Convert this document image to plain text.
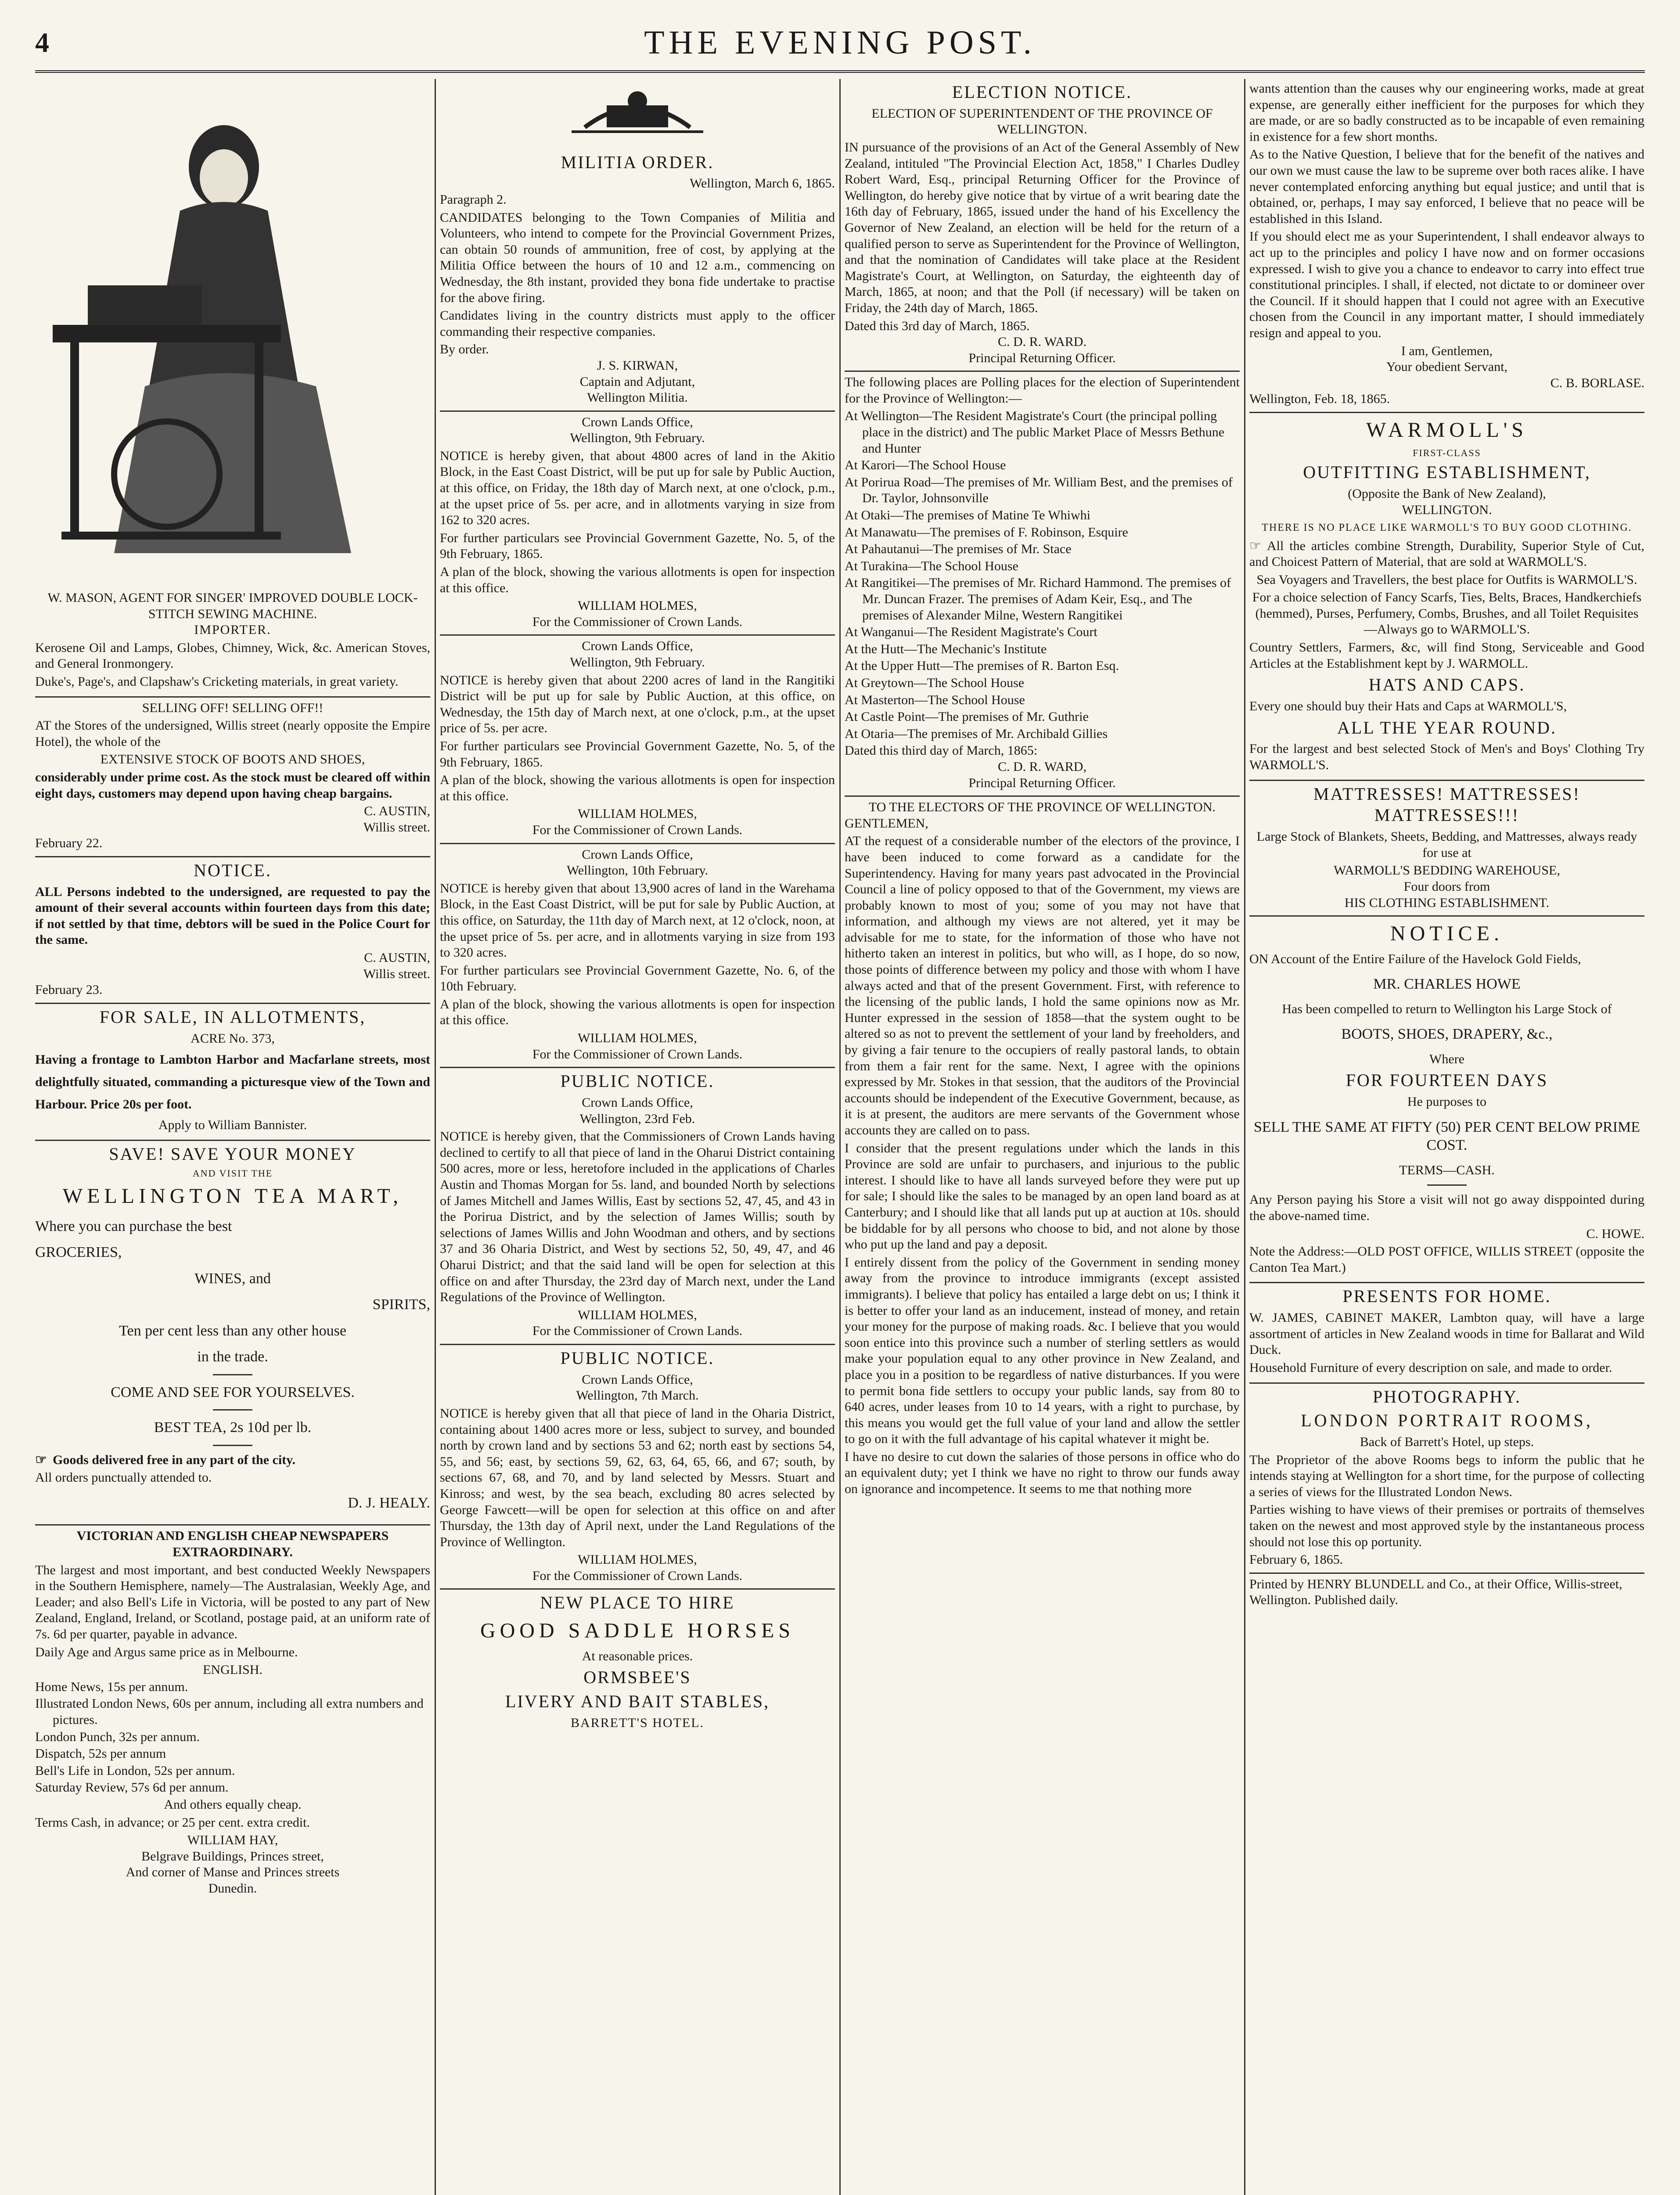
4	THE EVENING POST.
W. MASON, AGENT FOR SINGER' IMPROVED DOUBLE LOCK-STITCH SEWING MACHINE.
IMPORTER.

Kerosene Oil and Lamps, Globes, Chimney, Wick, &c. American Stoves, and General Ironmongery.

Duke's, Page's, and Clapshaw's Cricketing materials, in great variety.

SELLING OFF! SELLING OFF!!

AT the Stores of the undersigned, Willis street (nearly opposite the Empire Hotel), the whole of the

EXTENSIVE STOCK OF BOOTS AND SHOES,

considerably under prime cost. As the stock must be cleared off within eight days, customers may depend upon having cheap bargains.

C. AUSTIN,
Willis street.
February 22.
NOTICE.

ALL Persons indebted to the undersigned, are requested to pay the amount of their several accounts within fourteen days from this date; if not settled by that time, debtors will be sued in the Police Court for the same.

C. AUSTIN,
Willis street.
February 23.
FOR SALE, IN ALLOTMENTS,
ACRE No. 373,

Having a frontage to Lambton Harbor and Macfarlane streets, most delightfully situated, commanding a picturesque view of the Town and Harbour. Price 20s per foot.

Apply to William Bannister.

SAVE! SAVE YOUR MONEY
AND VISIT THE
WELLINGTON TEA MART,
Where you can purchase the best
GROCERIES,
WINES, and
SPIRITS,
Ten per cent less than any other house
in the trade.
COME AND SEE FOR YOURSELVES.
BEST TEA, 2s 10d per lb.

☞ Goods delivered free in any part of the city.

All orders punctually attended to.

D. J. HEALY.
VICTORIAN AND ENGLISH CHEAP NEWSPAPERS EXTRAORDINARY.

The largest and most important, and best conducted Weekly Newspapers in the Southern Hemisphere, namely—The Australasian, Weekly Age, and Leader; and also Bell's Life in Victoria, will be posted to any part of New Zealand, England, Ireland, or Scotland, postage paid, at an uniform rate of 7s. 6d per quarter, payable in advance.

Daily Age and Argus same price as in Melbourne.

ENGLISH.
Home News, 15s per annum.
Illustrated London News, 60s per annum, including all extra numbers and pictures.
London Punch, 32s per annum.
Dispatch, 52s per annum
Bell's Life in London, 52s per annum.
Saturday Review, 57s 6d per annum.
And others equally cheap.

Terms Cash, in advance; or 25 per cent. extra credit.

WILLIAM HAY,
Belgrave Buildings, Princes street,
And corner of Manse and Princes streets
Dunedin.
MILITIA ORDER.
Wellington, March 6, 1865.
Paragraph 2.

CANDIDATES belonging to the Town Companies of Militia and Volunteers, who intend to compete for the Provincial Government Prizes, can obtain 50 rounds of ammunition, free of cost, by applying at the Militia Office between the hours of 10 and 12 a.m., commencing on Wednesday, the 8th instant, provided they bona fide undertake to practise for the above firing.

Candidates living in the country districts must apply to the officer commanding their respective companies.

By order.
J. S. KIRWAN,
Captain and Adjutant,
Wellington Militia.
Crown Lands Office,
Wellington, 9th February.

NOTICE is hereby given, that about 4800 acres of land in the Akitio Block, in the East Coast District, will be put up for sale by Public Auction, at this office, on Friday, the 18th day of March next, at one o'clock, p.m., at the upset price of 5s. per acre, and in allotments varying in size from 162 to 320 acres.

For further particulars see Provincial Government Gazette, No. 5, of the 9th February, 1865.

A plan of the block, showing the various allotments is open for inspection at this office.

WILLIAM HOLMES,
For the Commissioner of Crown Lands.
Crown Lands Office,
Wellington, 9th February.

NOTICE is hereby given that about 2200 acres of land in the Rangitiki District will be put up for sale by Public Auction, at this office, on Wednesday, the 15th day of March next, at one o'clock, p.m., at the upset price of 5s. per acre.

For further particulars see Provincial Government Gazette, No. 5, of the 9th February, 1865.

A plan of the block, showing the various allotments is open for inspection at this office.

WILLIAM HOLMES,
For the Commissioner of Crown Lands.
Crown Lands Office,
Wellington, 10th February.

NOTICE is hereby given that about 13,900 acres of land in the Warehama Block, in the East Coast District, will be put for sale by Public Auction, at this office, on Saturday, the 11th day of March next, at 12 o'clock, noon, at the upset price of 5s. per acre, and in allotments varying in size from 193 to 320 acres.

For further particulars see Provincial Government Gazette, No. 6, of the 10th February.

A plan of the block, showing the various allotments is open for inspection at this office.

WILLIAM HOLMES,
For the Commissioner of Crown Lands.
PUBLIC NOTICE.
Crown Lands Office,
Wellington, 23rd Feb.

NOTICE is hereby given, that the Commissioners of Crown Lands having declined to certify to all that piece of land in the Oharui District containing 500 acres, more or less, heretofore included in the applications of Charles Austin and Thomas Morgan for 5s. land, and bounded North by selections of James Mitchell and James Willis, East by sections 52, 47, 45, and 43 in the Porirua District, and by the selection of James Willis; south by selections of James Willis and John Woodman and others, and by sections 37 and 36 Oharia District, and West by sections 52, 50, 49, 47, and 46 Oharui District; and that the said land will be open for selection at this office on and after Thursday, the 23rd day of March next, under the Land Regulations of the Province of Wellington.

WILLIAM HOLMES,
For the Commissioner of Crown Lands.
PUBLIC NOTICE.
Crown Lands Office,
Wellington, 7th March.

NOTICE is hereby given that all that piece of land in the Oharia District, containing about 1400 acres more or less, subject to survey, and bounded north by crown land and by sections 53 and 62; north east by sections 54, 55, and 56; east, by sections 59, 62, 63, 64, 65, 66, and 67; south, by sections 67, 68, and 70, and by land selected by Messrs. Stuart and Kinross; and west, by the sea beach, excluding 80 acres selected by George Fawcett—will be open for selection at this office on and after Thursday, the 13th day of April next, under the Land Regulations of the Province of Wellington.

WILLIAM HOLMES,
For the Commissioner of Crown Lands.
NEW PLACE TO HIRE
GOOD SADDLE HORSES
At reasonable prices.
ORMSBEE'S
LIVERY AND BAIT STABLES,
BARRETT'S HOTEL.
ELECTION NOTICE.
ELECTION OF SUPERINTENDENT OF THE PROVINCE OF WELLINGTON.

IN pursuance of the provisions of an Act of the General Assembly of New Zealand, intituled "The Provincial Election Act, 1858," I Charles Dudley Robert Ward, Esq., principal Returning Officer for the Province of Wellington, do hereby give notice that by virtue of a writ bearing date the 16th day of February, 1865, issued under the hand of his Excellency the Governor of New Zealand, an election will be held for the return of a qualified person to serve as Superintendent for the Province of Wellington, and that the nomination of Candidates will take place at the Resident Magistrate's Court, at Wellington, on Saturday, the eighteenth day of March, 1865, at noon; and that the Poll (if necessary) will be taken on Friday, the 24th day of March, 1865.

Dated this 3rd day of March, 1865.
C. D. R. WARD.
Principal Returning Officer.

The following places are Polling places for the election of Superintendent for the Province of Wellington:—

At Wellington—The Resident Magistrate's Court (the principal polling place in the district) and The public Market Place of Messrs Bethune and Hunter
At Karori—The School House
At Porirua Road—The premises of Mr. William Best, and the premises of Dr. Taylor, Johnsonville
At Otaki—The premises of Matine Te Whiwhi
At Manawatu—The premises of F. Robinson, Esquire
At Pahautanui—The premises of Mr. Stace
At Turakina—The School House
At Rangitikei—The premises of Mr. Richard Hammond. The premises of Mr. Duncan Frazer. The premises of Adam Keir, Esq., and The premises of Alexander Milne, Western Rangitikei
At Wanganui—The Resident Magistrate's Court
At the Hutt—The Mechanic's Institute
At the Upper Hutt—The premises of R. Barton Esq.
At Greytown—The School House
At Masterton—The School House
At Castle Point—The premises of Mr. Guthrie
At Otaria—The premises of Mr. Archibald Gillies
Dated this third day of March, 1865:
C. D. R. WARD,
Principal Returning Officer.
TO THE ELECTORS OF THE PROVINCE OF WELLINGTON.
GENTLEMEN,

AT the request of a considerable number of the electors of the province, I have been induced to come forward as a candidate for the Superintendency. Having for many years past advocated in the Provincial Council a line of policy opposed to that of the Government, my views are probably known to most of you; some of you may not have that information, and although my views are not altered, yet it may be advisable for me to state, for the information of those who have not hitherto taken an interest in politics, but who will, as I hope, do so now, those points of difference between my policy and those with whom I have always acted and that of the present Government. First, with reference to the licensing of the public lands, I hold the same opinions now as Mr. Hunter expressed in the session of 1858—that the system ought to be altered so as not to prevent the settlement of your land by freeholders, and by giving a fair tenure to the occupiers of really pastoral lands, to obtain from them a fair rent for the same. Next, I agree with the opinions expressed by Mr. Stokes in that session, that the auditors of the Provincial accounts should be independent of the Executive Government, because, as it is at present, the auditors are mere servants of the Government whose accounts they are called on to pass.

I consider that the present regulations under which the lands in this Province are sold are unfair to purchasers, and injurious to the public interest. I should like to have all lands surveyed before they were put up for sale; I should like the sales to be managed by an open land board as at Canterbury; and I should like that all lands put up at auction at 10s. should be biddable for by all persons who choose to bid, and not alone by those who put up the land and pay a deposit.

I entirely dissent from the policy of the Government in sending money away from the province to introduce immigrants (except assisted immigrants). I believe that policy has entailed a large debt on us; I think it is better to offer your land as an inducement, instead of money, and retain your money for the purpose of making roads. &c. I believe that you would soon entice into this province such a number of sterling settlers as would make your population equal to any other province in New Zealand, and place you in a position to be regardless of native disturbances. If you were to permit bona fide settlers to occupy your public lands, say from 80 to 640 acres, under leases from 10 to 14 years, with a right to purchase, by this means you would get the full value of your land and allow the settler to go on it with the full advantage of his capital whatever it might be.

I have no desire to cut down the salaries of those persons in office who do an equivalent duty; yet I think we have no right to throw our funds away on ignorance and incompetence. It seems to me that nothing more

wants attention than the causes why our engineering works, made at great expense, are generally either inefficient for the purposes for which they are made, or are so badly constructed as to be incapable of even remaining in existence for a few short months.

As to the Native Question, I believe that for the benefit of the natives and our own we must cause the law to be supreme over both races alike. I have never contemplated enforcing anything but equal justice; and until that is obtained, or, perhaps, I may say enforced, I believe that no peace will be established in this Island.

If you should elect me as your Superintendent, I shall endeavor always to act up to the principles and policy I have now and on former occasions expressed. I wish to give you a chance to endeavor to carry into effect true constitutional principles. I shall, if elected, not dictate to or domineer over the Council. If it should happen that I could not agree with an Executive chosen from the Council in any important matter, I should immediately resign and appeal to you.

I am, Gentlemen,
Your obedient Servant,
C. B. BORLASE.
Wellington, Feb. 18, 1865.
WARMOLL'S
FIRST-CLASS
OUTFITTING ESTABLISHMENT,
(Opposite the Bank of New Zealand),
WELLINGTON.
THERE IS NO PLACE LIKE WARMOLL'S TO BUY GOOD CLOTHING.

☞ All the articles combine Strength, Durability, Superior Style of Cut, and Choicest Pattern of Material, that are sold at WARMOLL'S.

Sea Voyagers and Travellers, the best place for Outfits is WARMOLL'S.

For a choice selection of Fancy Scarfs, Ties, Belts, Braces, Handkerchiefs (hemmed), Purses, Perfumery, Combs, Brushes, and all Toilet Requisites—Always go to WARMOLL'S.

Country Settlers, Farmers, &c, will find Stong, Serviceable and Good Articles at the Establishment kept by J. WARMOLL.

HATS AND CAPS.

Every one should buy their Hats and Caps at WARMOLL'S,

ALL THE YEAR ROUND.

For the largest and best selected Stock of Men's and Boys' Clothing Try WARMOLL'S.

MATTRESSES! MATTRESSES! MATTRESSES!!!

Large Stock of Blankets, Sheets, Bedding, and Mattresses, always ready for use at

WARMOLL'S BEDDING WAREHOUSE,
Four doors from
HIS CLOTHING ESTABLISHMENT.
NOTICE.

ON Account of the Entire Failure of the Havelock Gold Fields,

MR. CHARLES HOWE

Has been compelled to return to Wellington his Large Stock of

BOOTS, SHOES, DRAPERY, &c.,
Where
FOR FOURTEEN DAYS
He purposes to
SELL THE SAME AT FIFTY (50) PER CENT BELOW PRIME COST.
TERMS—CASH.

Any Person paying his Store a visit will not go away disppointed during the above-named time.

C. HOWE.

Note the Address:—OLD POST OFFICE, WILLIS STREET (opposite the Canton Tea Mart.)

PRESENTS FOR HOME.

W. JAMES, CABINET MAKER, Lambton quay, will have a large assortment of articles in New Zealand woods in time for Ballarat and Wild Duck.

Household Furniture of every description on sale, and made to order.

PHOTOGRAPHY.
LONDON PORTRAIT ROOMS,
Back of Barrett's Hotel, up steps.

The Proprietor of the above Rooms begs to inform the public that he intends staying at Wellington for a short time, for the purpose of collecting a series of views for the Illustrated London News.

Parties wishing to have views of their premises or portraits of themselves taken on the newest and most approved style by the instantaneous process should not lose this op portunity.

February 6, 1865.
Printed by HENRY BLUNDELL and Co., at their Office, Willis-street, Wellington. Published daily.
